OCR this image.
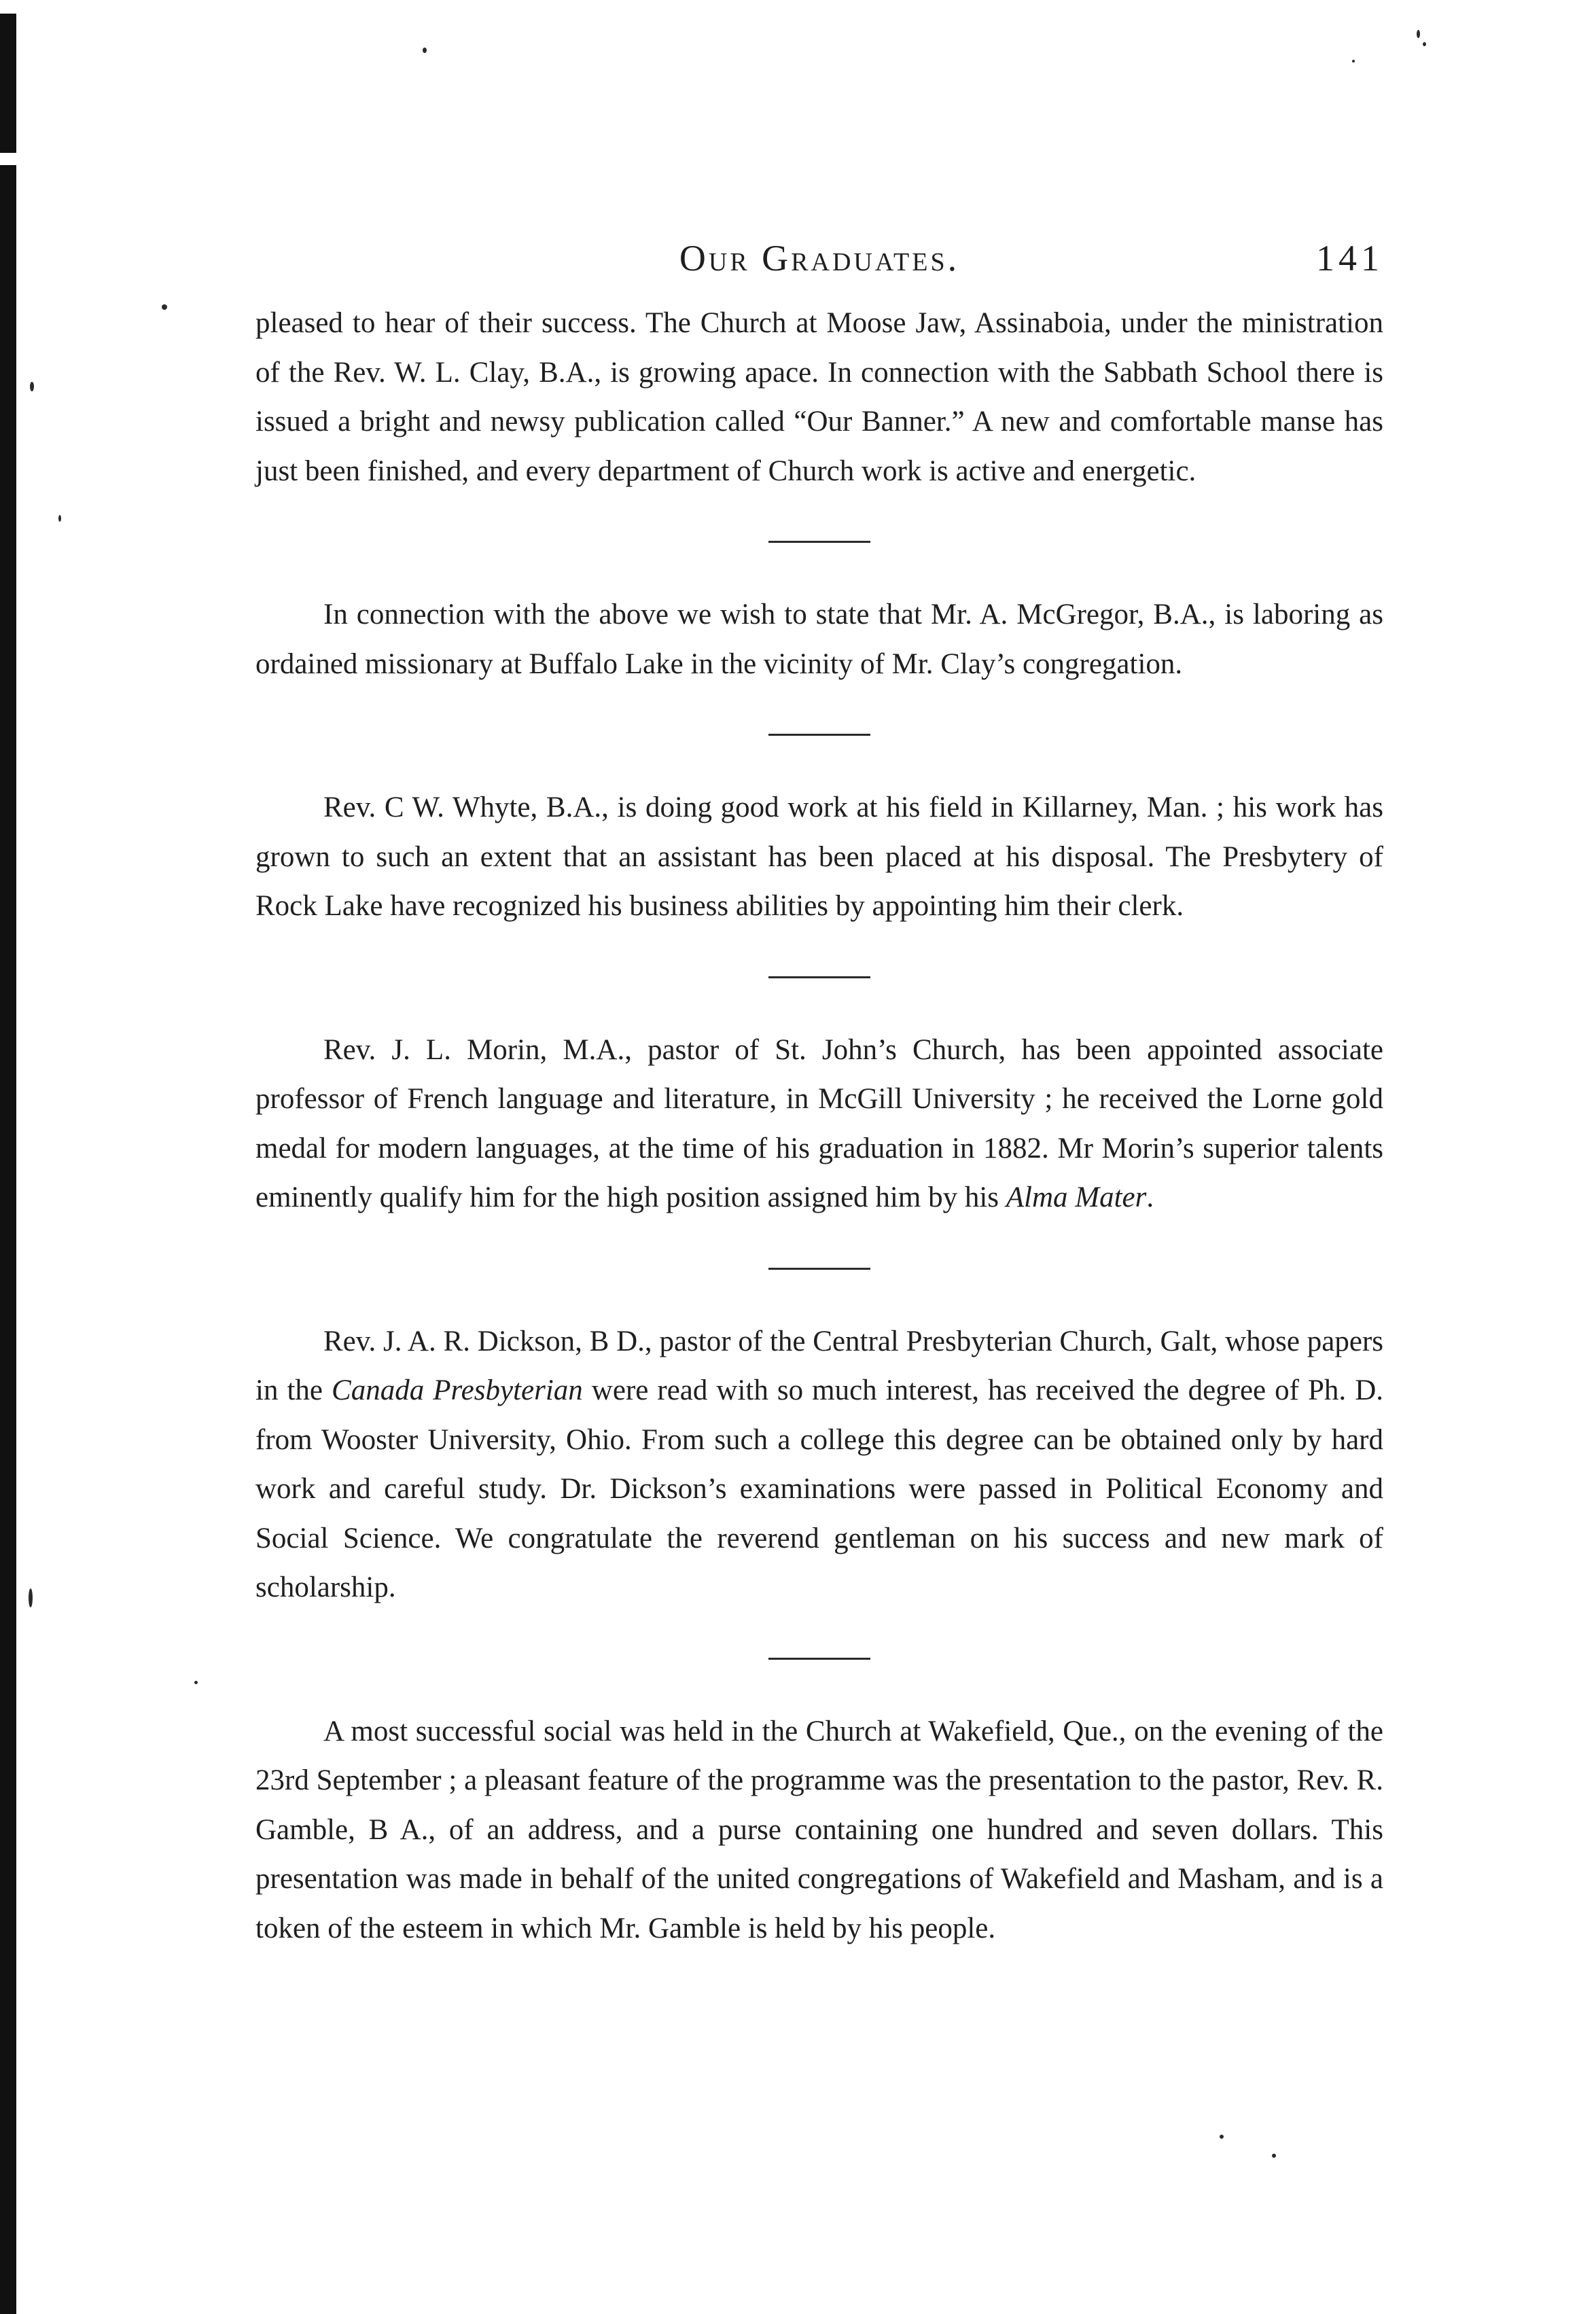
Our Graduates.	141

pleased to hear of their success. The Church at Moose Jaw, Assinaboia, under the ministration of the Rev. W. L. Clay, B.A., is growing apace. In connection with the Sabbath School there is issued a bright and newsy publication called “Our Banner.” A new and comfortable manse has just been finished, and every department of Church work is active and energetic.

In connection with the above we wish to state that Mr. A. McGregor, B.A., is laboring as ordained missionary at Buffalo Lake in the vicinity of Mr. Clay’s congregation.

Rev. C W. Whyte, B.A., is doing good work at his field in Killarney, Man. ; his work has grown to such an extent that an assistant has been placed at his disposal. The Presbytery of Rock Lake have recognized his business abilities by appointing him their clerk.

Rev. J. L. Morin, M.A., pastor of St. John’s Church, has been appointed associate professor of French language and literature, in McGill University ; he received the Lorne gold medal for modern languages, at the time of his graduation in 1882. Mr Morin’s superior talents eminently qualify him for the high position assigned him by his Alma Mater.

Rev. J. A. R. Dickson, B D., pastor of the Central Presbyterian Church, Galt, whose papers in the Canada Presbyterian were read with so much interest, has received the degree of Ph. D. from Wooster University, Ohio. From such a college this degree can be obtained only by hard work and careful study. Dr. Dickson’s examinations were passed in Political Economy and Social Science. We congratulate the reverend gentleman on his success and new mark of scholarship.

A most successful social was held in the Church at Wakefield, Que., on the evening of the 23rd September ; a pleasant feature of the programme was the presentation to the pastor, Rev. R. Gamble, B A., of an address, and a purse containing one hundred and seven dollars. This presentation was made in behalf of the united congregations of Wakefield and Masham, and is a token of the esteem in which Mr. Gamble is held by his people.
